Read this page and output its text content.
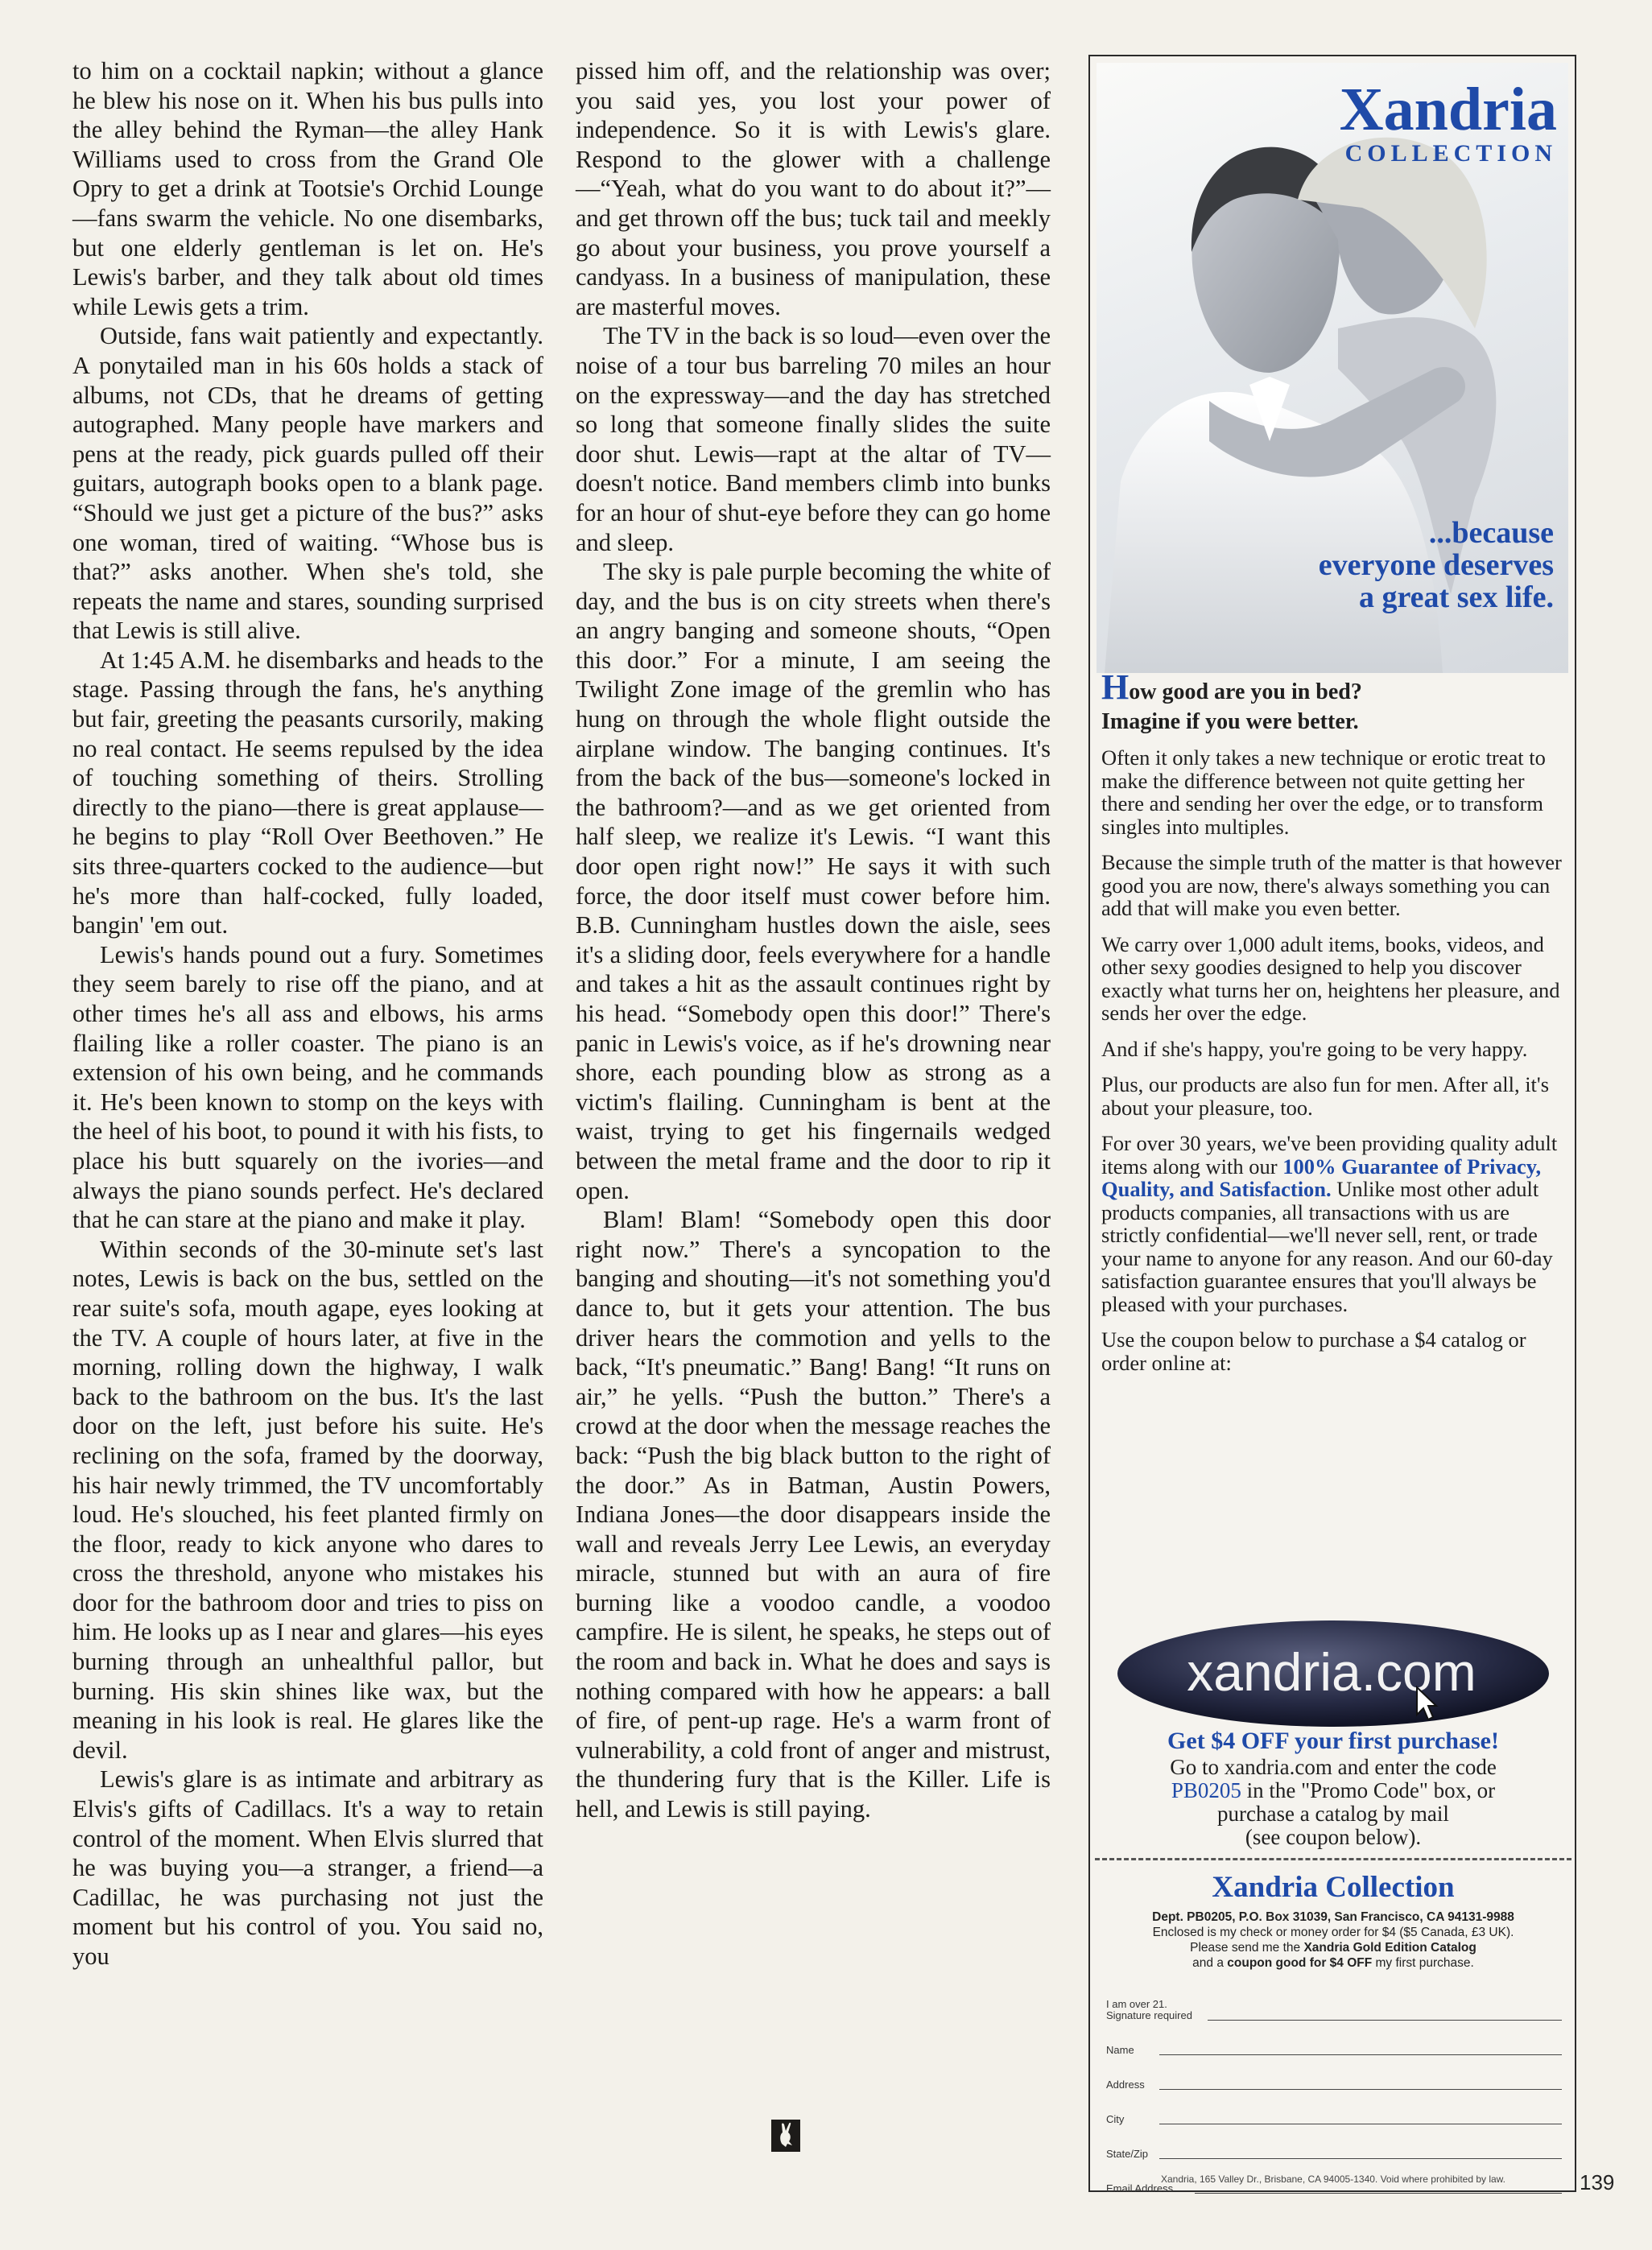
to him on a cocktail napkin; without a glance he blew his nose on it. When his bus pulls into the alley behind the Ryman—the alley Hank Williams used to cross from the Grand Ole Opry to get a drink at Tootsie's Orchid Lounge—fans swarm the vehicle. No one disembarks, but one elderly gentleman is let on. He's Lewis's barber, and they talk about old times while Lewis gets a trim.

Outside, fans wait patiently and expectantly. A ponytailed man in his 60s holds a stack of albums, not CDs, that he dreams of getting autographed. Many people have markers and pens at the ready, pick guards pulled off their guitars, autograph books open to a blank page. “Should we just get a picture of the bus?” asks one woman, tired of waiting. “Whose bus is that?” asks another. When she's told, she repeats the name and stares, sounding surprised that Lewis is still alive.

At 1:45 A.M. he disembarks and heads to the stage. Passing through the fans, he's anything but fair, greeting the peasants cursorily, making no real contact. He seems repulsed by the idea of touching something of theirs. Strolling directly to the piano—there is great applause—he begins to play “Roll Over Beethoven.” He sits three-quarters cocked to the audience—but he's more than half-cocked, fully loaded, bangin' 'em out.

Lewis's hands pound out a fury. Sometimes they seem barely to rise off the piano, and at other times he's all ass and elbows, his arms flailing like a roller coaster. The piano is an extension of his own being, and he commands it. He's been known to stomp on the keys with the heel of his boot, to pound it with his fists, to place his butt squarely on the ivories—and always the piano sounds perfect. He's declared that he can stare at the piano and make it play.

Within seconds of the 30-minute set's last notes, Lewis is back on the bus, settled on the rear suite's sofa, mouth agape, eyes looking at the TV. A couple of hours later, at five in the morning, rolling down the highway, I walk back to the bathroom on the bus. It's the last door on the left, just before his suite. He's reclining on the sofa, framed by the doorway, his hair newly trimmed, the TV uncomfortably loud. He's slouched, his feet planted firmly on the floor, ready to kick anyone who dares to cross the threshold, anyone who mistakes his door for the bathroom door and tries to piss on him. He looks up as I near and glares—his eyes burning through an unhealthful pallor, but burning. His skin shines like wax, but the meaning in his look is real. He glares like the devil.

Lewis's glare is as intimate and arbitrary as Elvis's gifts of Cadillacs. It's a way to retain control of the moment. When Elvis slurred that he was buying you—a stranger, a friend—a Cadillac, he was purchasing not just the moment but his control of you. You said no, you

pissed him off, and the relationship was over; you said yes, you lost your power of independence. So it is with Lewis's glare. Respond to the glower with a challenge—“Yeah, what do you want to do about it?”—and get thrown off the bus; tuck tail and meekly go about your business, you prove yourself a candyass. In a business of manipulation, these are masterful moves.

The TV in the back is so loud—even over the noise of a tour bus barreling 70 miles an hour on the expressway—and the day has stretched so long that someone finally slides the suite door shut. Lewis—rapt at the altar of TV—doesn't notice. Band members climb into bunks for an hour of shut-eye before they can go home and sleep.

The sky is pale purple becoming the white of day, and the bus is on city streets when there's an angry banging and someone shouts, “Open this door.” For a minute, I am seeing the Twilight Zone image of the gremlin who has hung on through the whole flight outside the airplane window. The banging continues. It's from the back of the bus—someone's locked in the bathroom?—and as we get oriented from half sleep, we realize it's Lewis. “I want this door open right now!” He says it with such force, the door itself must cower before him. B.B. Cunningham hustles down the aisle, sees it's a sliding door, feels everywhere for a handle and takes a hit as the assault continues right by his head. “Somebody open this door!” There's panic in Lewis's voice, as if he's drowning near shore, each pounding blow as strong as a victim's flailing. Cunningham is bent at the waist, trying to get his fingernails wedged between the metal frame and the door to rip it open.

Blam! Blam! “Somebody open this door right now.” There's a syncopation to the banging and shouting—it's not something you'd dance to, but it gets your attention. The bus driver hears the commotion and yells to the back, “It's pneumatic.” Bang! Bang! “It runs on air,” he yells. “Push the button.” There's a crowd at the door when the message reaches the back: “Push the big black button to the right of the door.” As in Batman, Austin Powers, Indiana Jones—the door disappears inside the wall and reveals Jerry Lee Lewis, an everyday miracle, stunned but with an aura of fire burning like a voodoo candle, a voodoo campfire. He is silent, he speaks, he steps out of the room and back in. What he does and says is nothing compared with how he appears: a ball of fire, of pent-up rage. He's a warm front of vulnerability, a cold front of anger and mistrust, the thundering fury that is the Killer. Life is hell, and Lewis is still paying.

Xandria
COLLECTION
...because
everyone deserves
a great sex life.
How good are you in bed?
Imagine if you were better.

Often it only takes a new technique or erotic treat to make the difference between not quite getting her there and sending her over the edge, or to transform singles into multiples.

Because the simple truth of the matter is that however good you are now, there's always something you can add that will make you even better.

We carry over 1,000 adult items, books, videos, and other sexy goodies designed to help you discover exactly what turns her on, heightens her pleasure, and sends her over the edge.

And if she's happy, you're going to be very happy.

Plus, our products are also fun for men. After all, it's about your pleasure, too.

For over 30 years, we've been providing quality adult items along with our 100% Guarantee of Privacy, Quality, and Satisfaction. Unlike most other adult products companies, all transactions with us are strictly confidential—we'll never sell, rent, or trade your name to anyone for any reason. And our 60-day satisfaction guarantee ensures that you'll always be pleased with your purchases.

Use the coupon below to purchase a $4 catalog or order online at:

xandria.com
Get $4 OFF your first purchase!
Go to xandria.com and enter the code
PB0205 in the "Promo Code" box, or
purchase a catalog by mail
(see coupon below).
Xandria Collection
Dept. PB0205, P.O. Box 31039, San Francisco, CA 94131-9988
Enclosed is my check or money order for $4 ($5 Canada, £3 UK).
Please send me the Xandria Gold Edition Catalog
and a coupon good for $4 OFF my first purchase.
I am over 21.
Signature required
Name
Address
City
State/Zip
Email Address
Xandria, 165 Valley Dr., Brisbane, CA 94005-1340. Void where prohibited by law.	139
